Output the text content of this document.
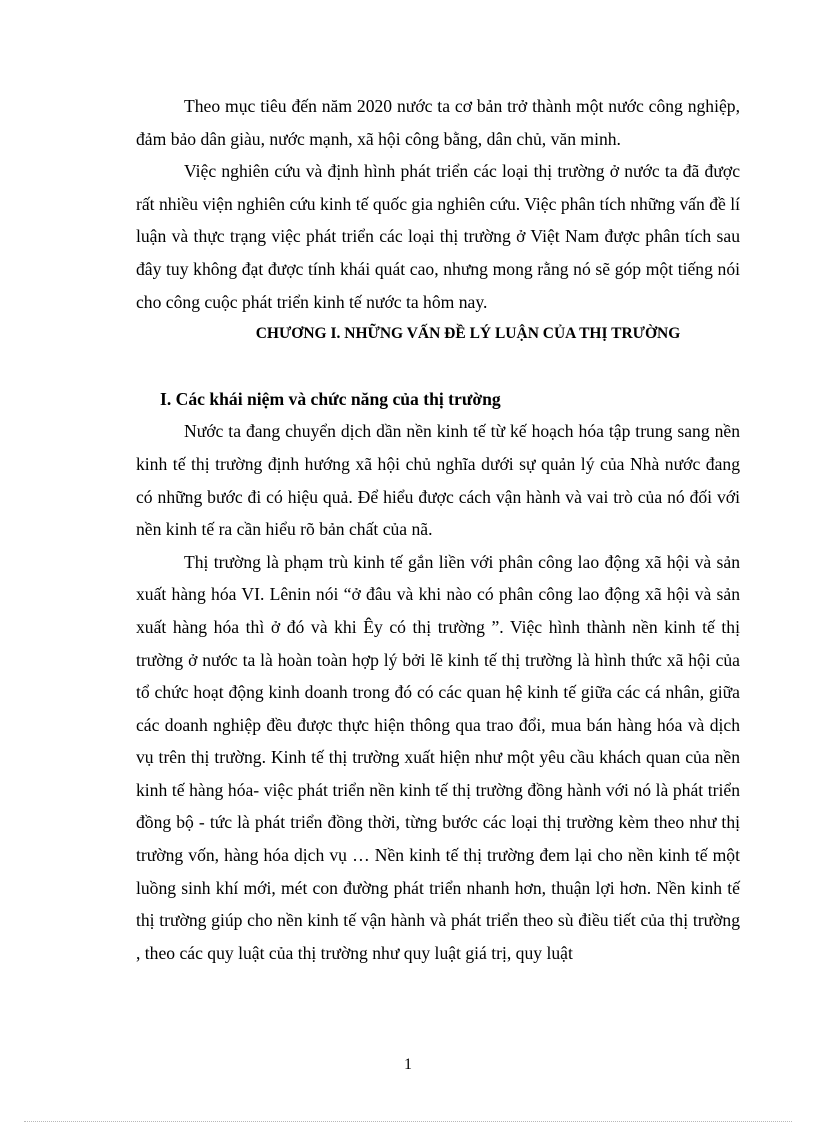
Theo mục tiêu đến năm 2020 nước ta cơ bản trở thành một nước công nghiệp, đảm bảo dân giàu, nước mạnh, xã hội công bằng, dân chủ, văn minh.

Việc nghiên cứu và định hình phát triển các loại thị trường ở nước ta đã được rất nhiều viện nghiên cứu kinh tế quốc gia nghiên cứu. Việc phân tích những vấn đề lí luận và thực trạng việc phát triển các loại thị trường ở Việt Nam được phân tích sau đây tuy không đạt được tính khái quát cao, nhưng mong rằng nó sẽ góp một tiếng nói cho công cuộc phát triển kinh tế nước ta hôm nay.

CHƯƠNG I. NHỮNG VẤN ĐỀ LÝ LUẬN CỦA THỊ TRƯỜNG

I. Các khái niệm và chức năng của thị trường

Nước ta đang chuyển dịch dần nền kinh tế từ kế hoạch hóa tập trung sang nền kinh tế thị trường định hướng xã hội chủ nghĩa dưới sự quản lý của Nhà nước đang có những bước đi có hiệu quả. Để hiểu được cách vận hành và vai trò của nó đối với nền kinh tế ra cần hiểu rõ bản chất của nã.

Thị trường là phạm trù kinh tế gắn liền với phân công lao động xã hội và sản xuất hàng hóa VI. Lênin nói “ở đâu và khi nào có phân công lao động xã hội và sản xuất hàng hóa thì ở đó và khi Êy có thị trường ”. Việc hình thành nền kinh tế thị trường ở nước ta là hoàn toàn hợp lý bởi lẽ kinh tế thị trường là hình thức xã hội của tổ chức hoạt động kinh doanh trong đó có các quan hệ kinh tế giữa các cá nhân, giữa các doanh nghiệp đều được thực hiện thông qua trao đổi, mua bán hàng hóa và dịch vụ trên thị trường. Kinh tế thị trường xuất hiện như một yêu cầu khách quan của nền kinh tế hàng hóa- việc phát triển nền kinh tế thị trường đồng hành với nó là phát triển đồng bộ - tức là phát triển đồng thời, từng bước các loại thị trường kèm theo như thị trường vốn, hàng hóa dịch vụ … Nền kinh tế thị trường đem lại cho nền kinh tế một luồng sinh khí mới, mét con đường phát triển nhanh hơn, thuận lợi hơn. Nền kinh tế thị trường giúp cho nền kinh tế vận hành và phát triển theo sù điều tiết của thị trường , theo các quy luật của thị trường như quy luật giá trị, quy luật

1
